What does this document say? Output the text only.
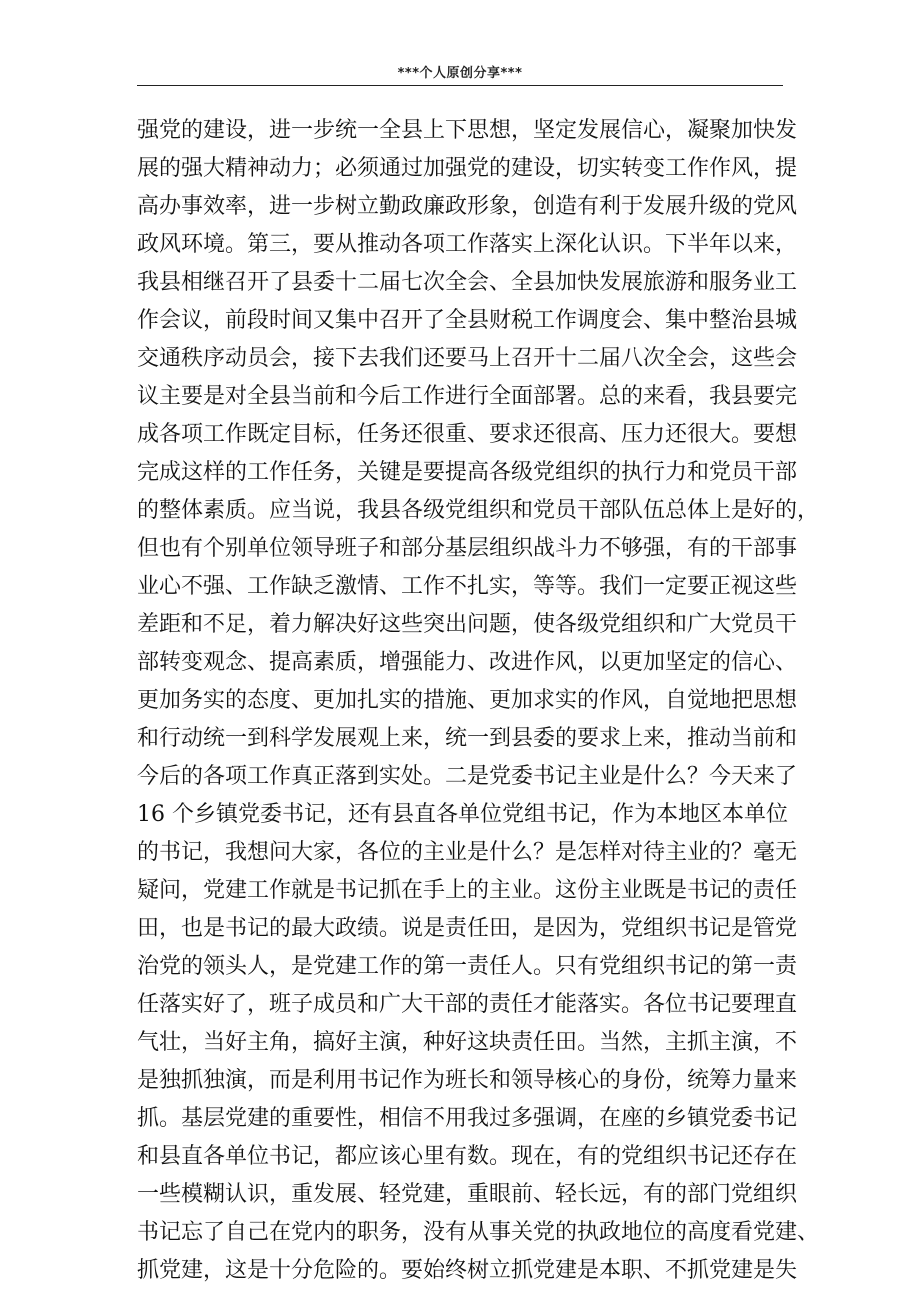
***个人原创分享***
强党的建设，进一步统一全县上下思想，坚定发展信心，凝聚加快发
展的强大精神动力；必须通过加强党的建设，切实转变工作作风，提
高办事效率，进一步树立勤政廉政形象，创造有利于发展升级的党风
政风环境。第三，要从推动各项工作落实上深化认识。下半年以来，
我县相继召开了县委十二届七次全会、全县加快发展旅游和服务业工
作会议，前段时间又集中召开了全县财税工作调度会、集中整治县城
交通秩序动员会，接下去我们还要马上召开十二届八次全会，这些会
议主要是对全县当前和今后工作进行全面部署。总的来看，我县要完
成各项工作既定目标，任务还很重、要求还很高、压力还很大。要想
完成这样的工作任务，关键是要提高各级党组织的执行力和党员干部
的整体素质。应当说，我县各级党组织和党员干部队伍总体上是好的，
但也有个别单位领导班子和部分基层组织战斗力不够强，有的干部事
业心不强、工作缺乏激情、工作不扎实，等等。我们一定要正视这些
差距和不足，着力解决好这些突出问题，使各级党组织和广大党员干
部转变观念、提高素质，增强能力、改进作风，以更加坚定的信心、
更加务实的态度、更加扎实的措施、更加求实的作风，自觉地把思想
和行动统一到科学发展观上来，统一到县委的要求上来，推动当前和
今后的各项工作真正落到实处。二是党委书记主业是什么？今天来了
16 个乡镇党委书记，还有县直各单位党组书记，作为本地区本单位
的书记，我想问大家，各位的主业是什么？是怎样对待主业的？毫无
疑问，党建工作就是书记抓在手上的主业。这份主业既是书记的责任
田，也是书记的最大政绩。说是责任田，是因为，党组织书记是管党
治党的领头人，是党建工作的第一责任人。只有党组织书记的第一责
任落实好了，班子成员和广大干部的责任才能落实。各位书记要理直
气壮，当好主角，搞好主演，种好这块责任田。当然，主抓主演，不
是独抓独演，而是利用书记作为班长和领导核心的身份，统筹力量来
抓。基层党建的重要性，相信不用我过多强调，在座的乡镇党委书记
和县直各单位书记，都应该心里有数。现在，有的党组织书记还存在
一些模糊认识，重发展、轻党建，重眼前、轻长远，有的部门党组织
书记忘了自己在党内的职务，没有从事关党的执政地位的高度看党建、
抓党建，这是十分危险的。要始终树立抓党建是本职、不抓党建是失
